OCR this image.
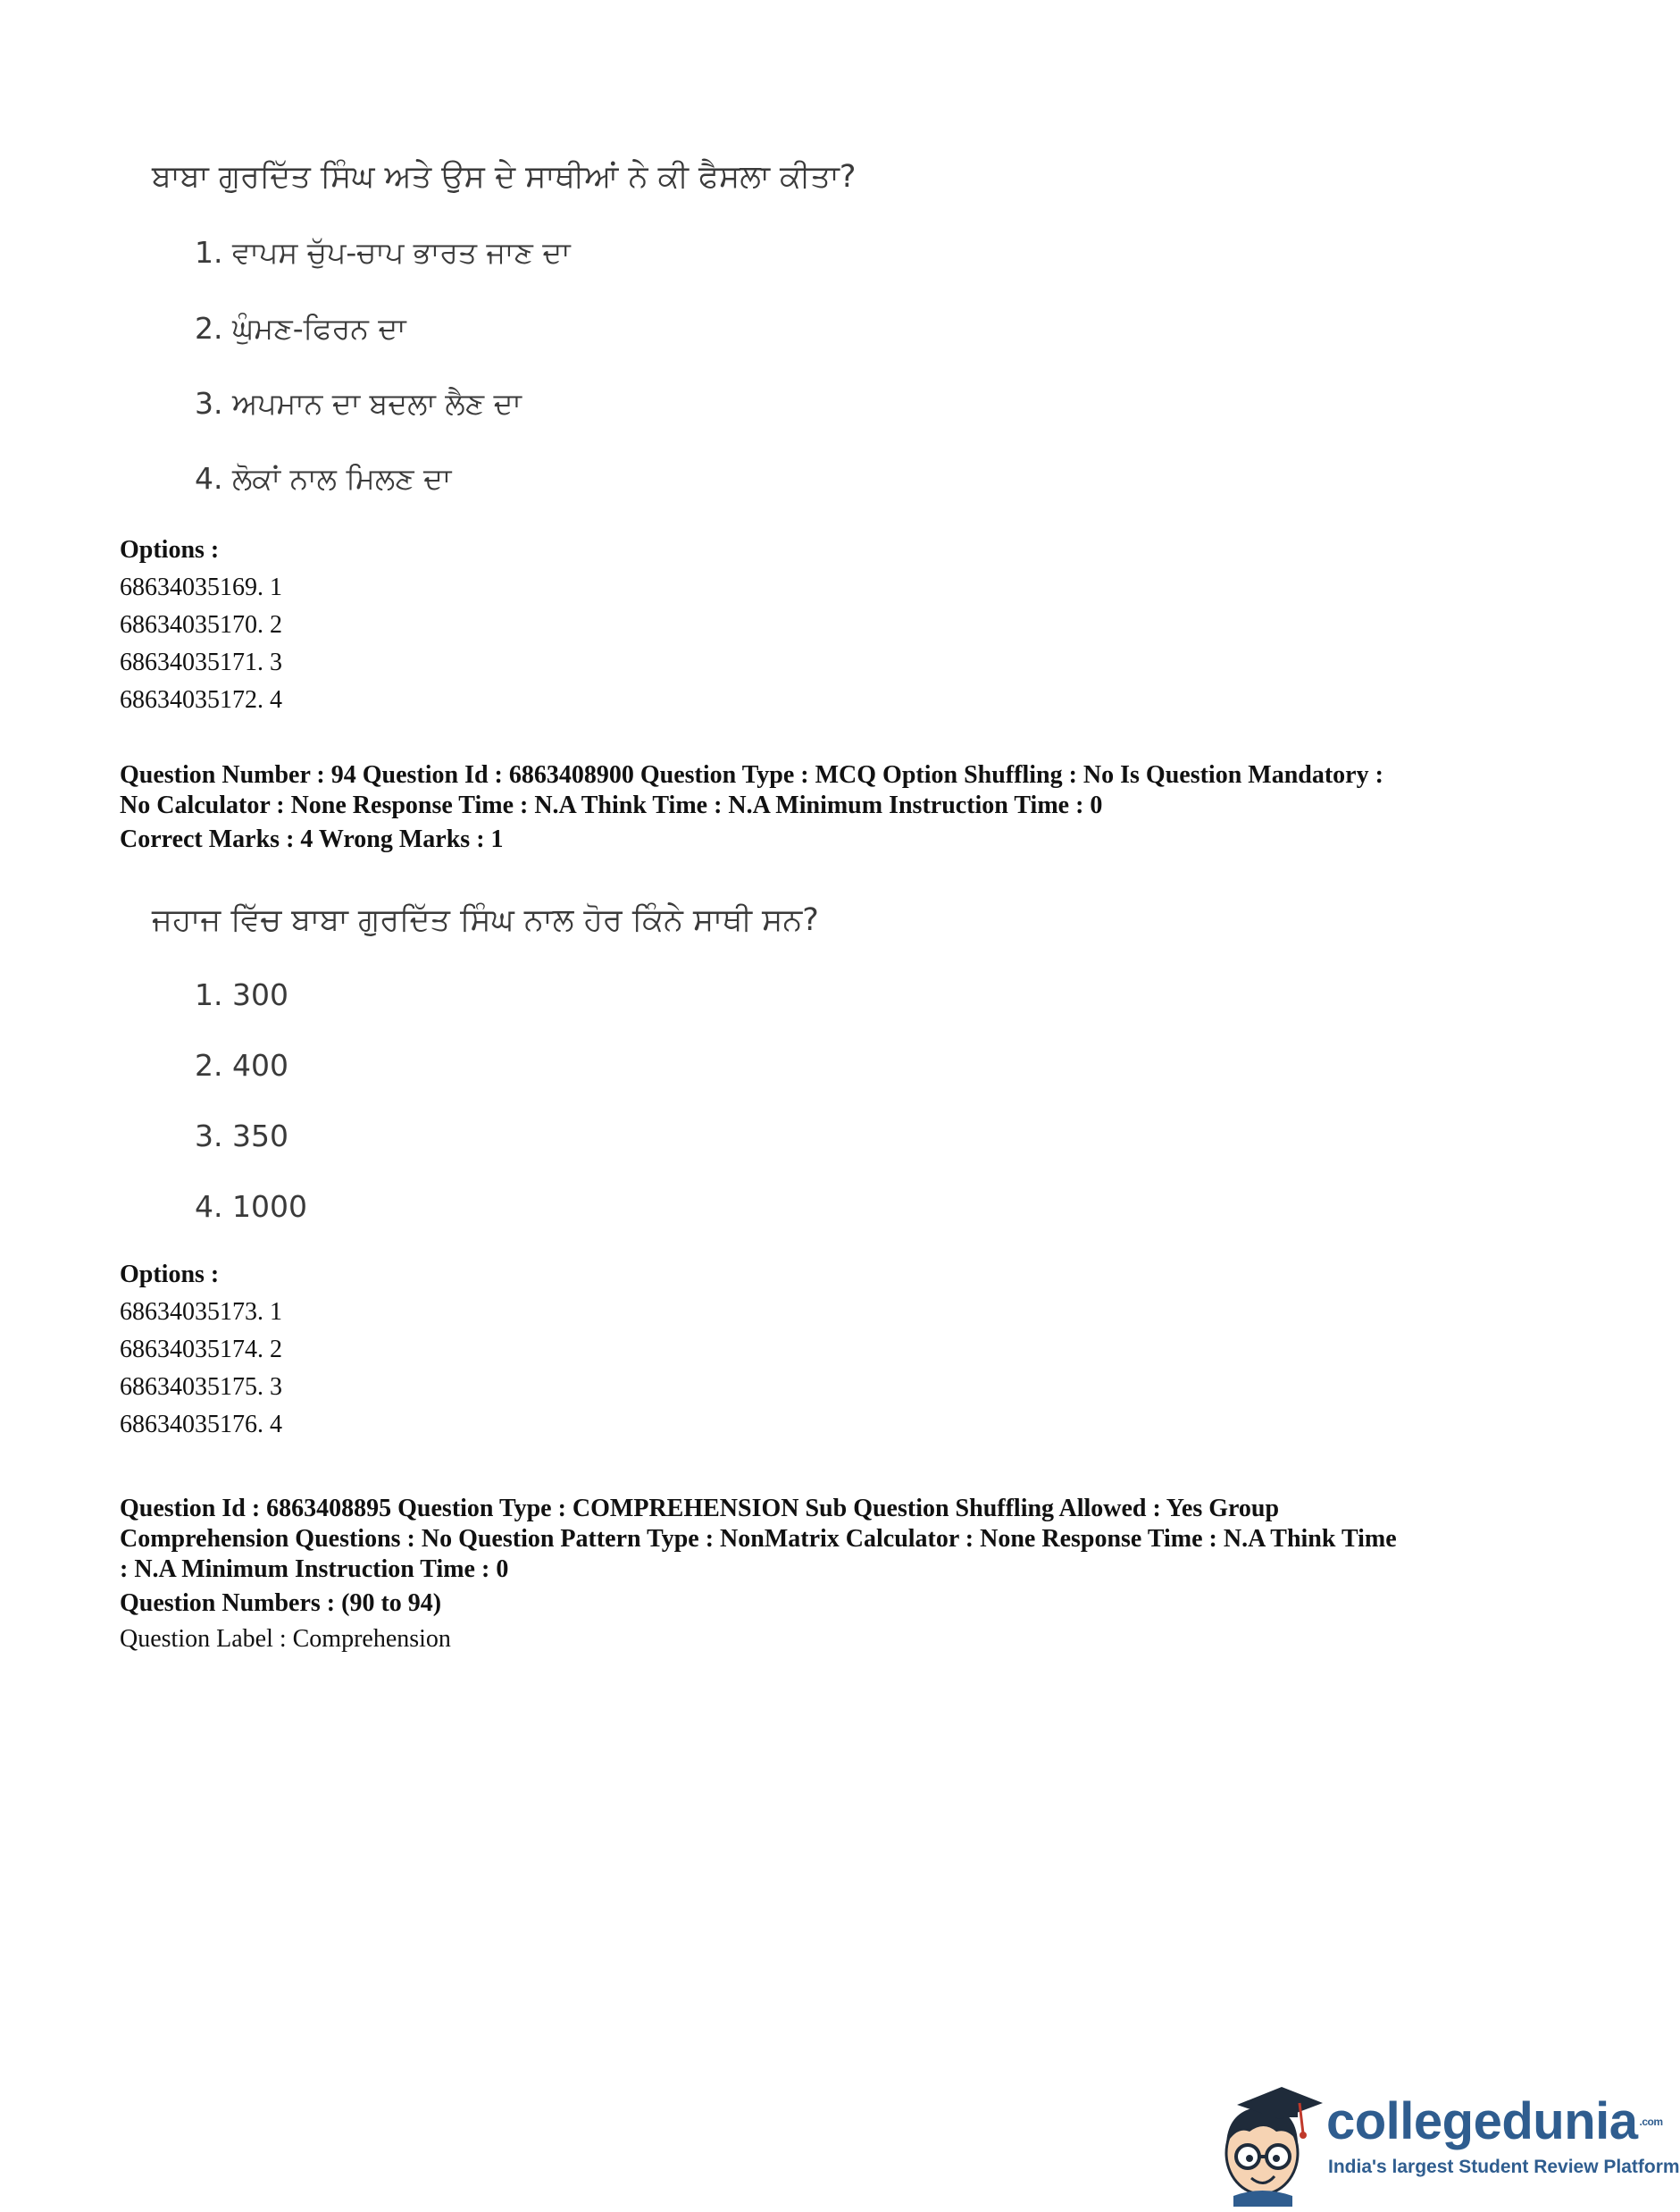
ਬਾਬਾ ਗੁਰਦਿੱਤ ਸਿੰਘ ਅਤੇ ਉਸ ਦੇ ਸਾਥੀਆਂ ਨੇ ਕੀ ਫੈਸਲਾ ਕੀਤਾ?

1. ਵਾਪਸ ਚੁੱਪ-ਚਾਪ ਭਾਰਤ ਜਾਣ ਦਾ
2. ਘੁੰਮਣ-ਫਿਰਨ ਦਾ
3. ਅਪਮਾਨ ਦਾ ਬਦਲਾ ਲੈਣ ਦਾ
4. ਲੋਕਾਂ ਨਾਲ ਮਿਲਣ ਦਾ
Options :
68634035169. 1
68634035170. 2
68634035171. 3
68634035172. 4
Question Number : 94 Question Id : 6863408900 Question Type : MCQ Option Shuffling : No Is Question Mandatory :
No Calculator : None Response Time : N.A Think Time : N.A Minimum Instruction Time : 0
Correct Marks : 4 Wrong Marks : 1

ਜਹਾਜ ਵਿੱਚ ਬਾਬਾ ਗੁਰਦਿੱਤ ਸਿੰਘ ਨਾਲ ਹੋਰ ਕਿੰਨੇ ਸਾਥੀ ਸਨ?

1. 300
2. 400
3. 350
4. 1000
Options :
68634035173. 1
68634035174. 2
68634035175. 3
68634035176. 4
Question Id : 6863408895 Question Type : COMPREHENSION Sub Question Shuffling Allowed : Yes Group
Comprehension Questions : No Question Pattern Type : NonMatrix Calculator : None Response Time : N.A Think Time
: N.A Minimum Instruction Time : 0
Question Numbers : (90 to 94)
Question Label : Comprehension
collegedunia $^{.com}$
India's largest Student Review Platform
